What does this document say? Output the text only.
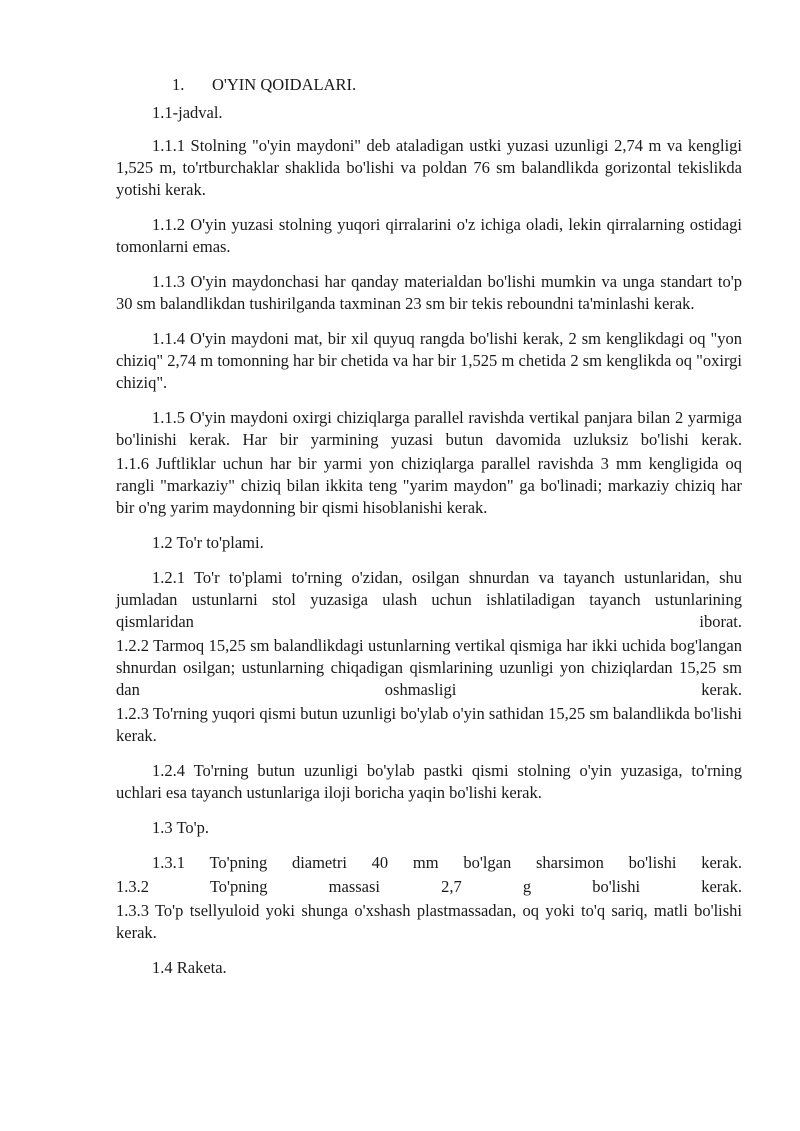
1.	O'YIN QOIDALARI.

1.1-jadval.

1.1.1 Stolning "o'yin maydoni" deb ataladigan ustki yuzasi uzunligi 2,74 m va kengligi 1,525 m, to'rtburchaklar shaklida bo'lishi va poldan 76 sm balandlikda gorizontal tekislikda yotishi kerak.

1.1.2 O'yin yuzasi stolning yuqori qirralarini o'z ichiga oladi, lekin qirralarning ostidagi tomonlarni emas.

1.1.3 O'yin maydonchasi har qanday materialdan bo'lishi mumkin va unga standart to'p 30 sm balandlikdan tushirilganda taxminan 23 sm bir tekis reboundni ta'minlashi kerak.

1.1.4 O'yin maydoni mat, bir xil quyuq rangda bo'lishi kerak, 2 sm kenglikdagi oq "yon chiziq" 2,74 m tomonning har bir chetida va har bir 1,525 m chetida 2 sm kenglikda oq "oxirgi chiziq".

1.1.5 O'yin maydoni oxirgi chiziqlarga parallel ravishda vertikal panjara bilan 2 yarmiga bo'linishi kerak. Har bir yarmining yuzasi butun davomida uzluksiz bo'lishi kerak.

1.1.6 Juftliklar uchun har bir yarmi yon chiziqlarga parallel ravishda 3 mm kengligida oq rangli "markaziy" chiziq bilan ikkita teng "yarim maydon" ga bo'linadi; markaziy chiziq har bir o'ng yarim maydonning bir qismi hisoblanishi kerak.

1.2 To'r to'plami.

1.2.1 To'r to'plami to'rning o'zidan, osilgan shnurdan va tayanch ustunlaridan, shu jumladan ustunlarni stol yuzasiga ulash uchun ishlatiladigan tayanch ustunlarining qismlaridan iborat.

1.2.2 Tarmoq 15,25 sm balandlikdagi ustunlarning vertikal qismiga har ikki uchida bog'langan shnurdan osilgan; ustunlarning chiqadigan qismlarining uzunligi yon chiziqlardan 15,25 sm dan oshmasligi kerak.

1.2.3 To'rning yuqori qismi butun uzunligi bo'ylab o'yin sathidan 15,25 sm balandlikda bo'lishi kerak.

1.2.4 To'rning butun uzunligi bo'ylab pastki qismi stolning o'yin yuzasiga, to'rning uchlari esa tayanch ustunlariga iloji boricha yaqin bo'lishi kerak.

1.3 To'p.

1.3.1 To'pning diametri 40 mm bo'lgan sharsimon bo'lishi kerak.

1.3.2 To'pning massasi 2,7 g bo'lishi kerak.

1.3.3 To'p tsellyuloid yoki shunga o'xshash plastmassadan, oq yoki to'q sariq, matli bo'lishi kerak.

1.4 Raketa.
